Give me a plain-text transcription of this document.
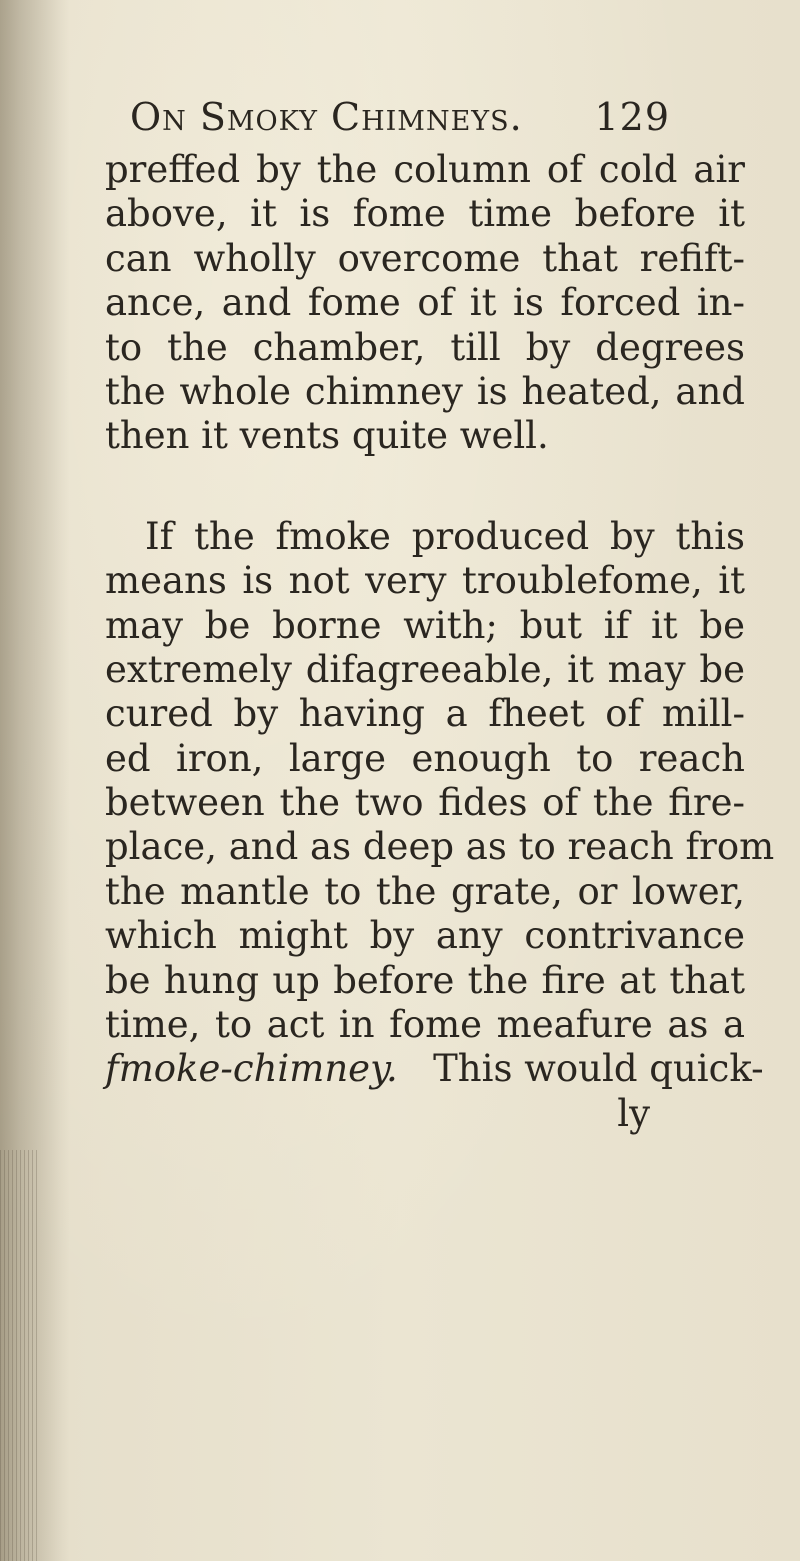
On Smoky Chimneys. 129
preffed by the column of cold air
above, it is fome time before it
can wholly overcome that refift-
ance, and fome of it is forced in-
to the chamber, till by degrees
the whole chimney is heated, and
then it vents quite well.
If the fmoke produced by this
means is not very troublefome, it
may be borne with; but if it be
extremely difagreeable, it may be
cured by having a fheet of mill-
ed iron, large enough to reach
between the two fides of the fire-
place, and as deep as to reach from
the mantle to the grate, or lower,
which might by any contrivance
be hung up before the fire at that
time, to act in fome meafure as a
fmoke-chimney. This would quick-
ly
